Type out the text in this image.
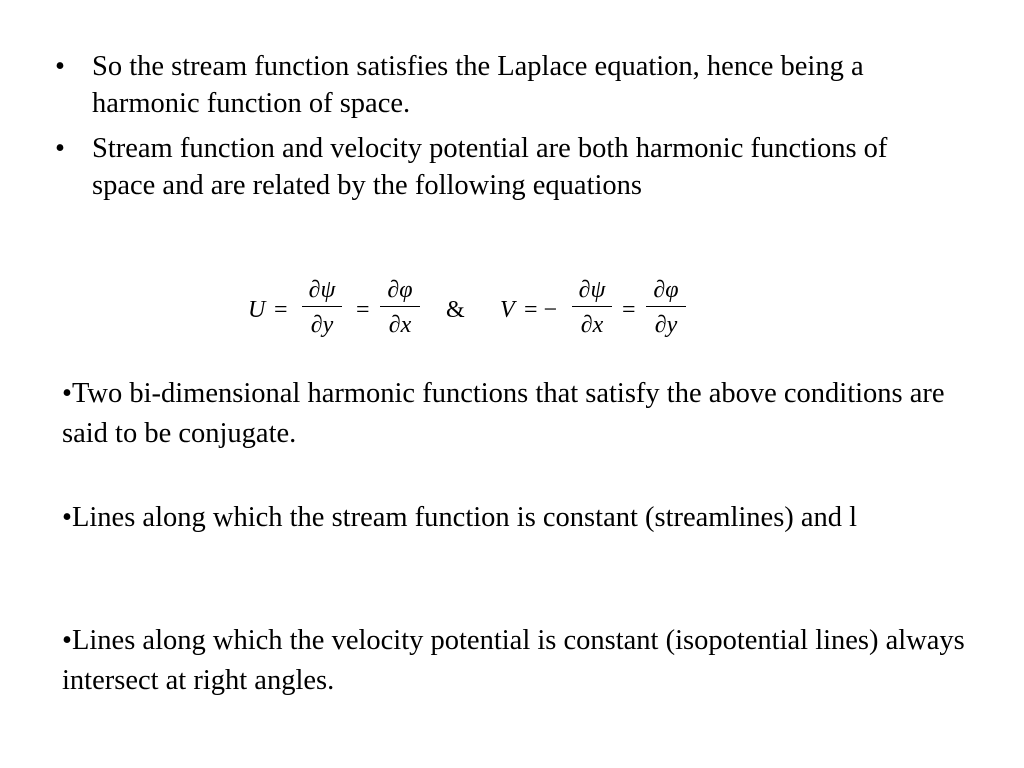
• So the stream function satisfies the Laplace equation, hence being a harmonic function of space.
• Stream function and velocity potential are both harmonic functions of space and are related by the following equations
U =
∂ψ
∂y
=
∂φ
∂x
& V = −
∂ψ
∂x
=
∂φ
∂y

•Two bi-dimensional harmonic functions that satisfy the above conditions are said to be conjugate.

•Lines along which the stream function is constant (streamlines) and l

•Lines along which the velocity potential is constant (isopotential lines) always intersect at right angles.
